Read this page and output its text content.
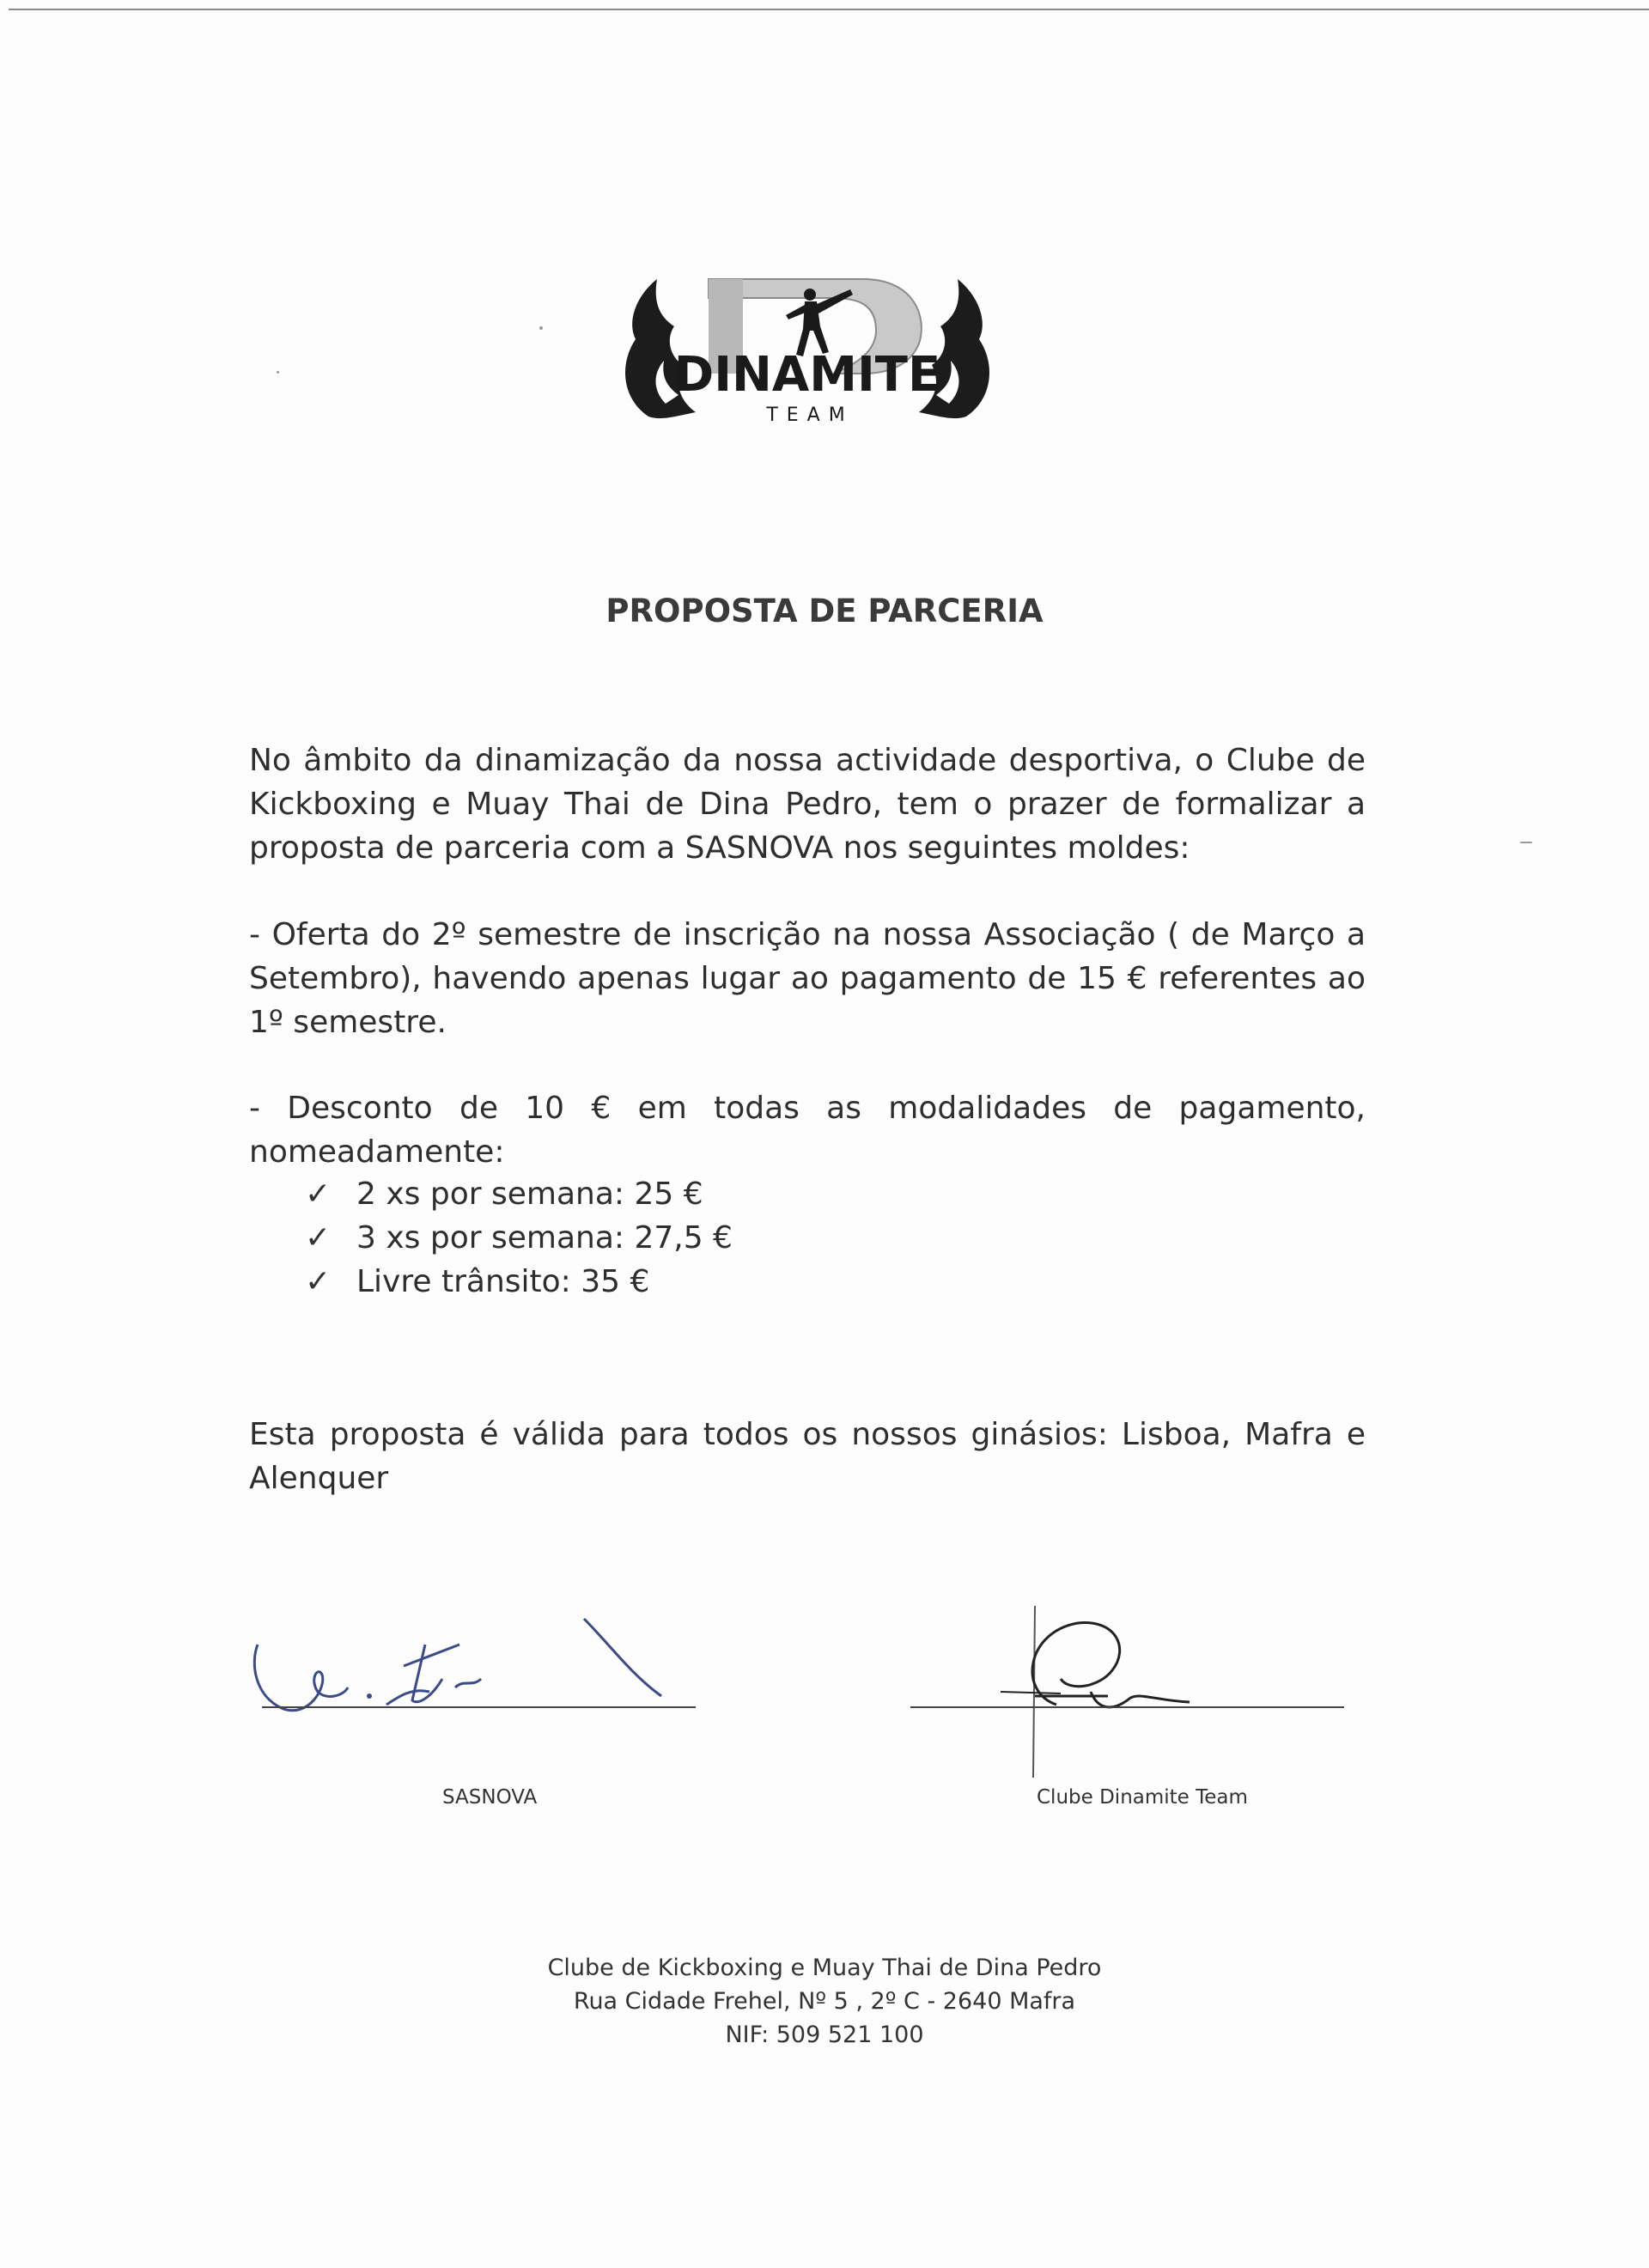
DINAMITE
TEAM
PROPOSTA DE PARCERIA
No âmbito da dinamização da nossa actividade desportiva, o Clube de Kickboxing e Muay Thai de Dina Pedro, tem o prazer de formalizar a proposta de parceria com a SASNOVA nos seguintes moldes:
- Oferta do 2º semestre de inscrição na nossa Associação ( de Março a Setembro), havendo apenas lugar ao pagamento de 15 € referentes ao 1º semestre.
- Desconto de 10 € em todas as modalidades de pagamento, nomeadamente:
✓ 2 xs por semana: 25 €
✓ 3 xs por semana: 27,5 €
✓ Livre trânsito: 35 €
Esta proposta é válida para todos os nossos ginásios: Lisboa, Mafra e Alenquer
SASNOVA	Clube Dinamite Team
Clube de Kickboxing e Muay Thai de Dina Pedro
Rua Cidade Frehel, Nº 5 , 2º C - 2640 Mafra
NIF: 509 521 100
